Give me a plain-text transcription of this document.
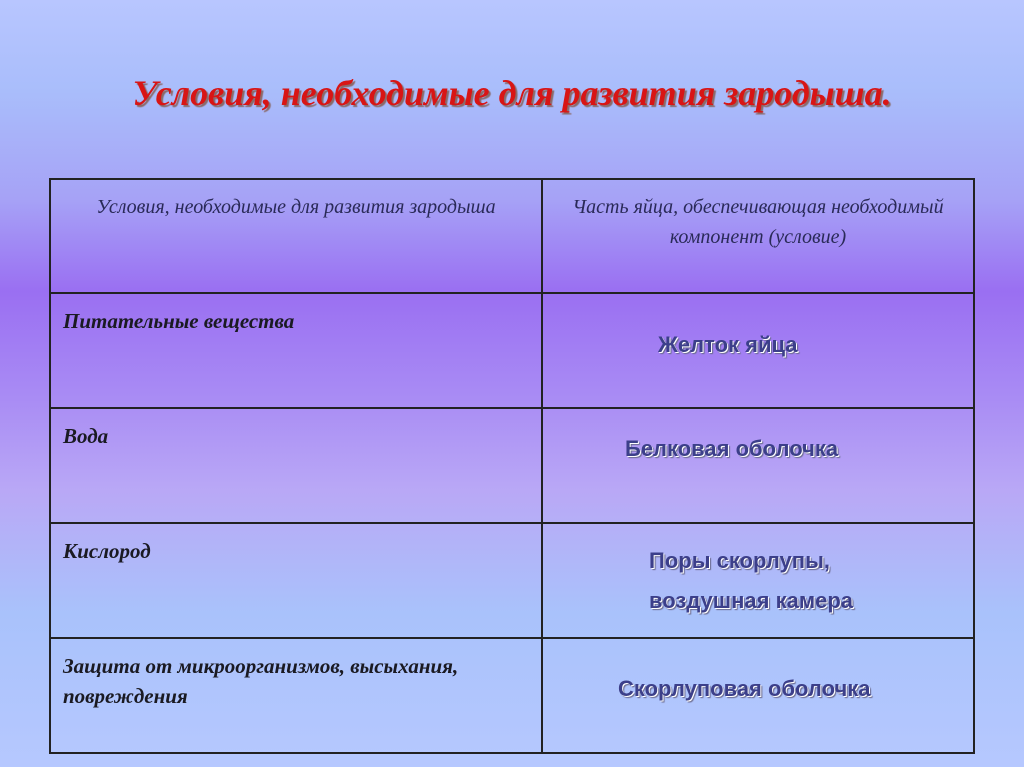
Условия, необходимые для развития зародыша.
Условия, необходимые для развития зародыша	Часть яйца, обеспечивающая необходимый компонент (условие)
Питательные вещества	Желток яйца

Вода	Белковая оболочка

Кислород	Поры скорлупы,
воздушная камера

Защита от микроорганизмов, высыхания, повреждения	Скорлуповая оболочка
